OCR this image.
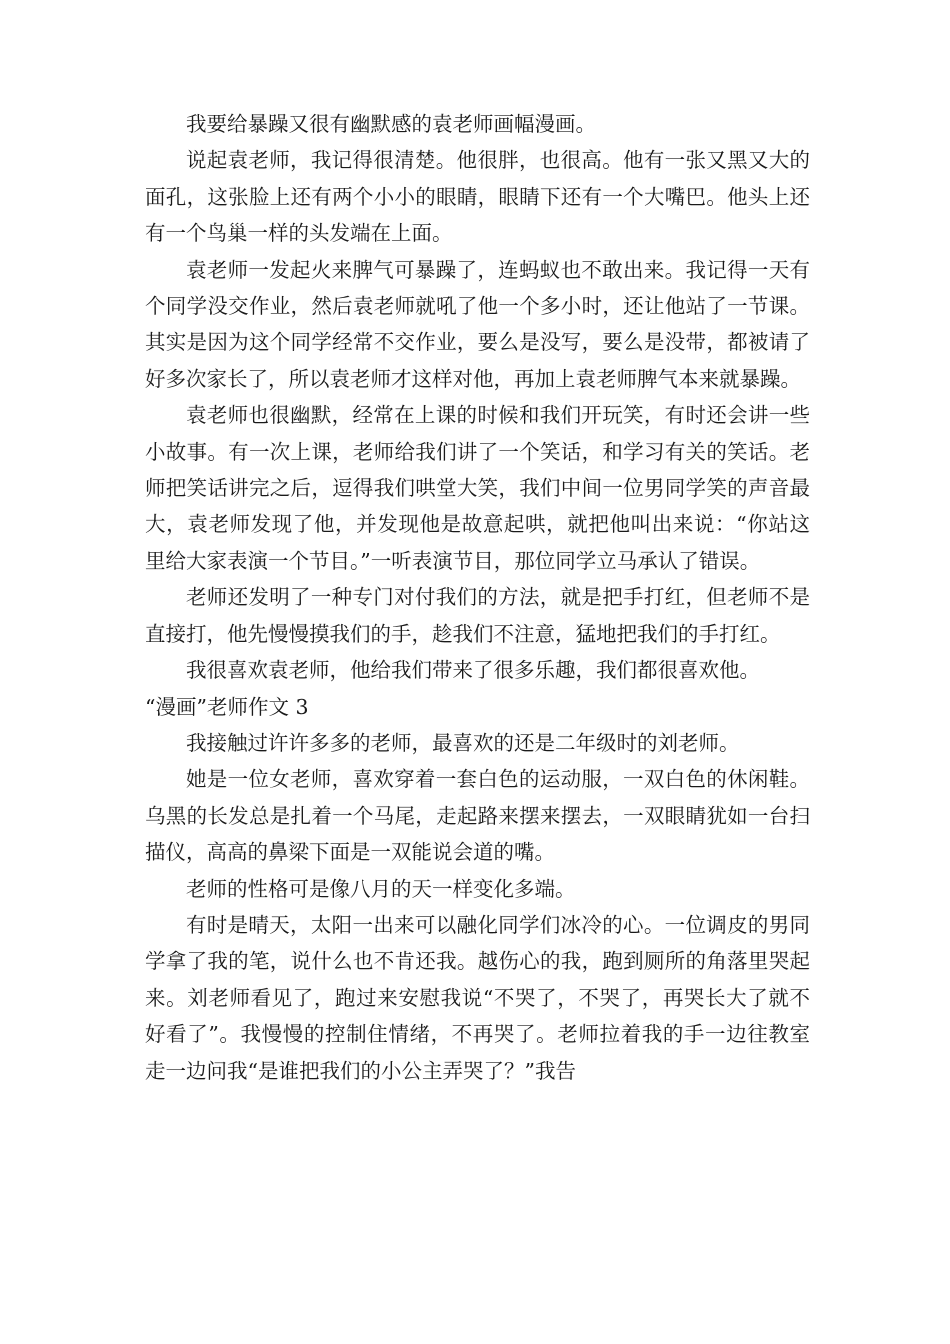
我要给暴躁又很有幽默感的袁老师画幅漫画。

说起袁老师，我记得很清楚。他很胖，也很高。他有一张又黑又大的面孔，这张脸上还有两个小小的眼睛，眼睛下还有一个大嘴巴。他头上还有一个鸟巢一样的头发端在上面。

袁老师一发起火来脾气可暴躁了，连蚂蚁也不敢出来。我记得一天有个同学没交作业，然后袁老师就吼了他一个多小时，还让他站了一节课。其实是因为这个同学经常不交作业，要么是没写，要么是没带，都被请了好多次家长了，所以袁老师才这样对他，再加上袁老师脾气本来就暴躁。

袁老师也很幽默，经常在上课的时候和我们开玩笑，有时还会讲一些小故事。有一次上课，老师给我们讲了一个笑话，和学习有关的笑话。老师把笑话讲完之后，逗得我们哄堂大笑，我们中间一位男同学笑的声音最大，袁老师发现了他，并发现他是故意起哄，就把他叫出来说：“你站这里给大家表演一个节目。”一听表演节目，那位同学立马承认了错误。

老师还发明了一种专门对付我们的方法，就是把手打红，但老师不是直接打，他先慢慢摸我们的手，趁我们不注意，猛地把我们的手打红。

我很喜欢袁老师，他给我们带来了很多乐趣，我们都很喜欢他。

“漫画”老师作文 3

我接触过许许多多的老师，最喜欢的还是二年级时的刘老师。

她是一位女老师，喜欢穿着一套白色的运动服，一双白色的休闲鞋。乌黑的长发总是扎着一个马尾，走起路来摆来摆去，一双眼睛犹如一台扫描仪，高高的鼻梁下面是一双能说会道的嘴。

老师的性格可是像八月的天一样变化多端。

有时是晴天，太阳一出来可以融化同学们冰冷的心。一位调皮的男同学拿了我的笔，说什么也不肯还我。越伤心的我，跑到厕所的角落里哭起来。刘老师看见了，跑过来安慰我说“不哭了，不哭了，再哭长大了就不好看了”。我慢慢的控制住情绪，不再哭了。老师拉着我的手一边往教室走一边问我“是谁把我们的小公主弄哭了？”我告
